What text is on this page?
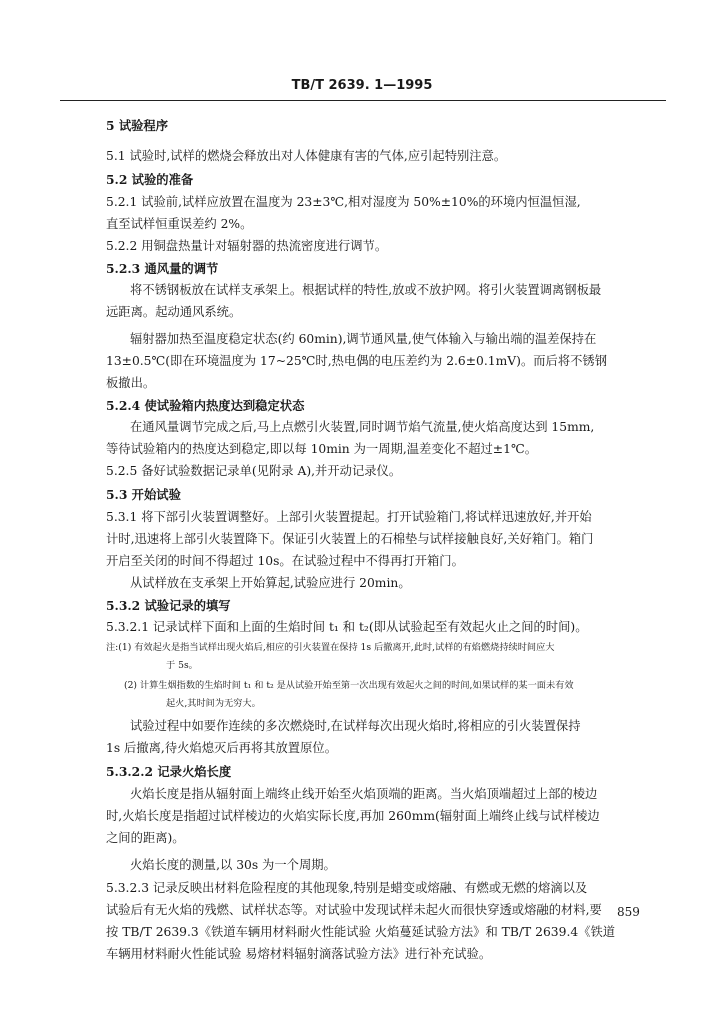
TB/T 2639. 1—1995
5 试验程序
5.1 试验时,试样的燃烧会释放出对人体健康有害的气体,应引起特别注意。
5.2 试验的准备
5.2.1 试验前,试样应放置在温度为 23±3℃,相对湿度为 50%±10%的环境内恒温恒湿,
直至试样恒重误差约 2%。
5.2.2 用铜盘热量计对辐射器的热流密度进行调节。
5.2.3 通风量的调节
将不锈钢板放在试样支承架上。根据试样的特性,放或不放护网。将引火装置调离钢板最
远距离。起动通风系统。
辐射器加热至温度稳定状态(约 60min),调节通风量,使气体输入与输出端的温差保持在
13±0.5℃(即在环境温度为 17~25℃时,热电偶的电压差约为 2.6±0.1mV)。而后将不锈钢
板撤出。
5.2.4 使试验箱内热度达到稳定状态
在通风量调节完成之后,马上点燃引火装置,同时调节焰气流量,使火焰高度达到 15mm,
等待试验箱内的热度达到稳定,即以每 10min 为一周期,温差变化不超过±1℃。
5.2.5 备好试验数据记录单(见附录 A),并开动记录仪。
5.3 开始试验
5.3.1 将下部引火装置调整好。上部引火装置提起。打开试验箱门,将试样迅速放好,并开始
计时,迅速将上部引火装置降下。保证引火装置上的石棉垫与试样接触良好,关好箱门。箱门
开启至关闭的时间不得超过 10s。在试验过程中不得再打开箱门。
从试样放在支承架上开始算起,试验应进行 20min。
5.3.2 试验记录的填写
5.3.2.1 记录试样下面和上面的生焰时间 t₁ 和 t₂(即从试验起至有效起火止之间的时间)。
注:(1) 有效起火是指当试样出现火焰后,相应的引火装置在保持 1s 后撤离开,此时,试样的有焰燃烧持续时间应大
于 5s。
(2) 计算生烟指数的生焰时间 t₁ 和 t₂ 是从试验开始至第一次出现有效起火之间的时间,如果试样的某一面未有效
起火,其时间为无穷大。
试验过程中如要作连续的多次燃烧时,在试样每次出现火焰时,将相应的引火装置保持
1s 后撤离,待火焰熄灭后再将其放置原位。
5.3.2.2 记录火焰长度
火焰长度是指从辐射面上端终止线开始至火焰顶端的距离。当火焰顶端超过上部的棱边
时,火焰长度是指超过试样棱边的火焰实际长度,再加 260mm(辐射面上端终止线与试样棱边
之间的距离)。
火焰长度的测量,以 30s 为一个周期。
5.3.2.3 记录反映出材料危险程度的其他现象,特别是蜡变或熔融、有燃或无燃的熔滴以及
试验后有无火焰的残燃、试样状态等。对试验中发现试样未起火而很快穿透或熔融的材料,要
按 TB/T 2639.3《铁道车辆用材料耐火性能试验 火焰蔓延试验方法》和 TB/T 2639.4《铁道
车辆用材料耐火性能试验 易熔材料辐射滴落试验方法》进行补充试验。
859
